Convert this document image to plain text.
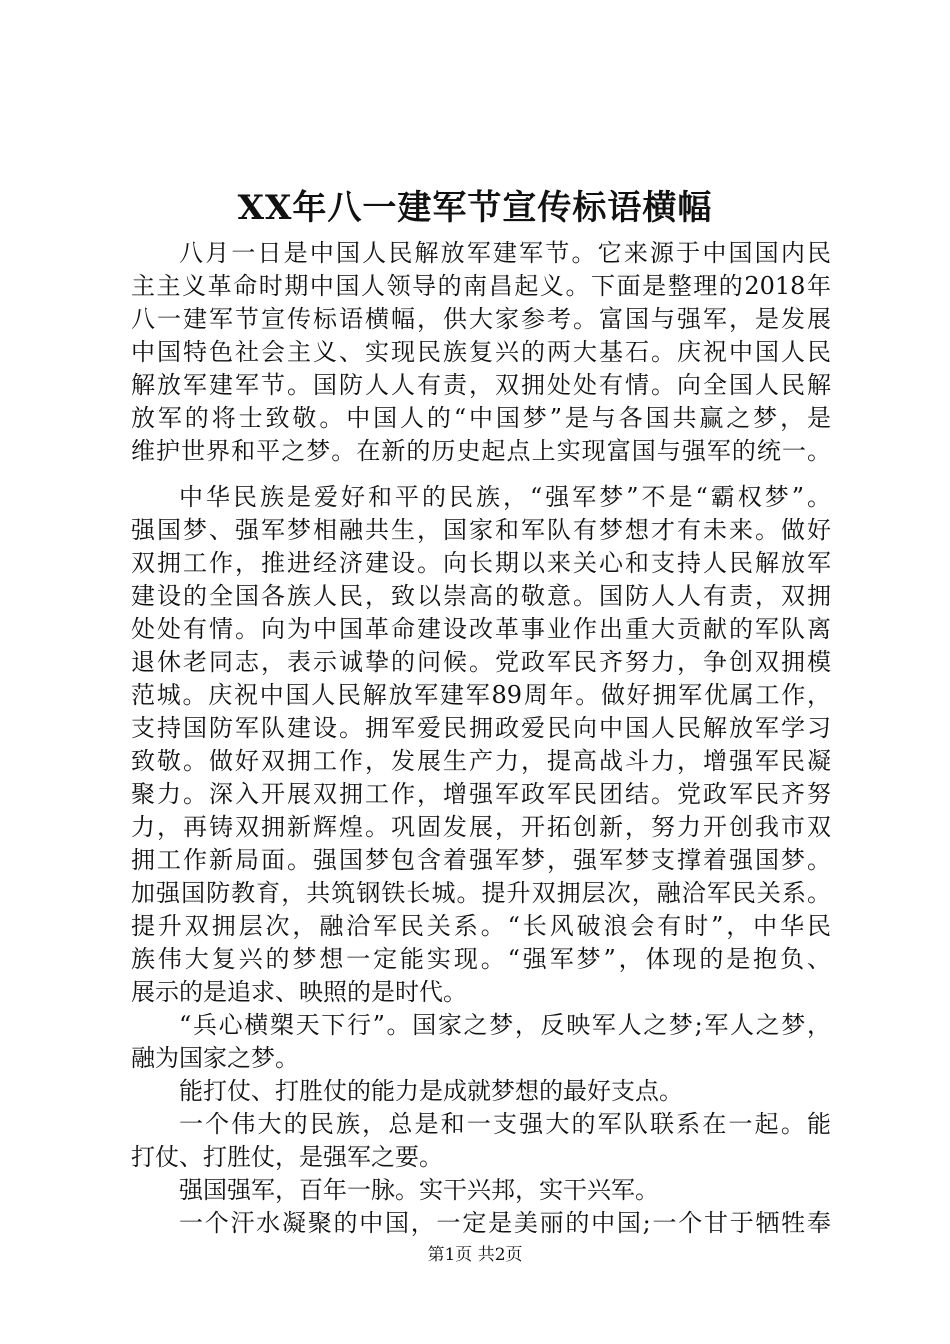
XX年八一建军节宣传标语横幅
八月一日是中国人民解放军建军节。它来源于中国国内民
主主义革命时期中国人领导的南昌起义。下面是整理的2018年
八一建军节宣传标语横幅，供大家参考。富国与强军，是发展
中国特色社会主义、实现民族复兴的两大基石。庆祝中国人民
解放军建军节。国防人人有责，双拥处处有情。向全国人民解
放军的将士致敬。中国人的“中国梦”是与各国共赢之梦，是
维护世界和平之梦。在新的历史起点上实现富国与强军的统一。
中华民族是爱好和平的民族，“强军梦”不是“霸权梦”。
强国梦、强军梦相融共生，国家和军队有梦想才有未来。做好
双拥工作，推进经济建设。向长期以来关心和支持人民解放军
建设的全国各族人民，致以崇高的敬意。国防人人有责，双拥
处处有情。向为中国革命建设改革事业作出重大贡献的军队离
退休老同志，表示诚挚的问候。党政军民齐努力，争创双拥模
范城。庆祝中国人民解放军建军89周年。做好拥军优属工作，
支持国防军队建设。拥军爱民拥政爱民向中国人民解放军学习
致敬。做好双拥工作，发展生产力，提高战斗力，增强军民凝
聚力。深入开展双拥工作，增强军政军民团结。党政军民齐努
力，再铸双拥新辉煌。巩固发展，开拓创新，努力开创我市双
拥工作新局面。强国梦包含着强军梦，强军梦支撑着强国梦。
加强国防教育，共筑钢铁长城。提升双拥层次，融洽军民关系。
提升双拥层次，融洽军民关系。“长风破浪会有时”，中华民
族伟大复兴的梦想一定能实现。“强军梦”，体现的是抱负、
展示的是追求、映照的是时代。
“兵心横槊天下行”。国家之梦，反映军人之梦;军人之梦，
融为国家之梦。
能打仗、打胜仗的能力是成就梦想的最好支点。
一个伟大的民族，总是和一支强大的军队联系在一起。能
打仗、打胜仗，是强军之要。
强国强军，百年一脉。实干兴邦，实干兴军。
一个汗水凝聚的中国，一定是美丽的中国;一个甘于牺牲奉
第1页 共2页
